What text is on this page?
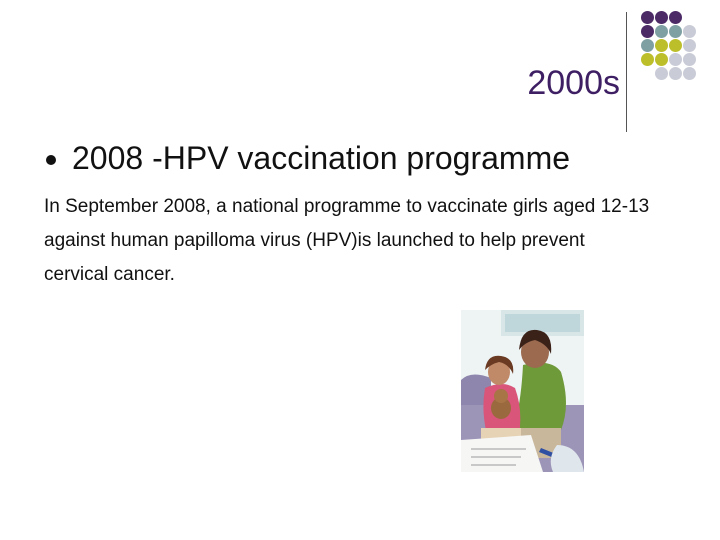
2000s
2008 -HPV vaccination programme
In September 2008, a national programme to vaccinate girls aged 12-13 against human papilloma virus (HPV)is launched to help prevent cervical cancer.
